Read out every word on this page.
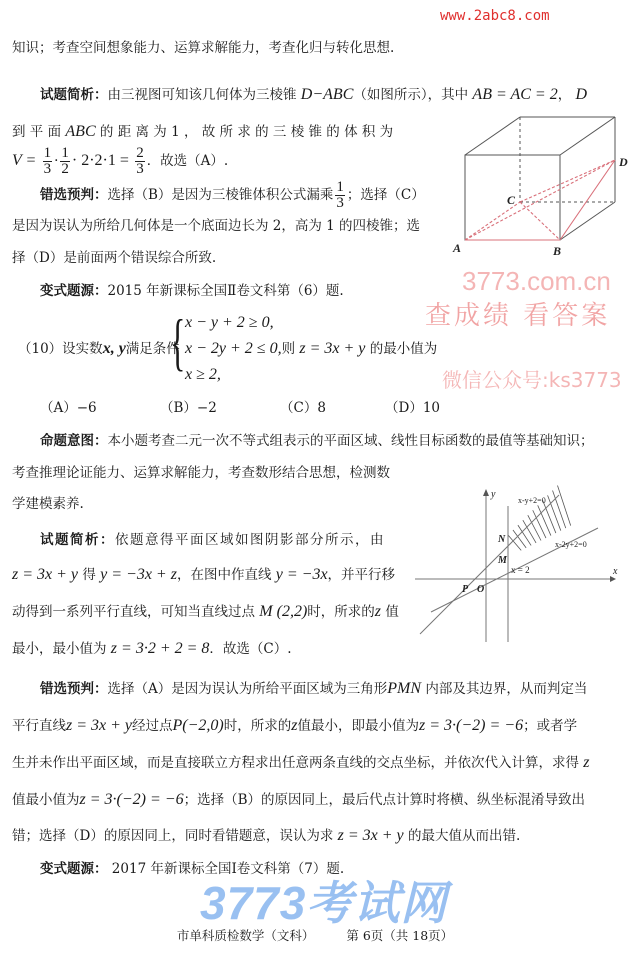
www.2abc8.com
知识；考查空间想象能力、运算求解能力，考查化归与转化思想.
试题简析：由三视图可知该几何体为三棱锥 D−ABC（如图所示），其中 AB = AC = 2， D
到 平 面 ABC 的 距 离 为 1 ， 故 所 求 的 三 棱 锥 的 体 积 为
$V = \frac{1}{3} \cdot \frac{1}{2} \cdot 2\cdot 2\cdot 1 = \frac{2}{3}$ ．故选（A）.
错选预判：选择（B）是因为三棱锥体积公式漏乘 $\frac{1}{3}$ ；选择（C）
是因为误认为所给几何体是一个底面边长为 2，高为 1 的四棱锥；选
择（D）是前面两个错误综合所致.
变式题源：2015 年新课标全国Ⅱ卷文科第（6）题.
A	B
C
D
（10）设实数x, y满足条件
{ x − y + 2 ≥ 0,
x − 2y + 2 ≤ 0,则 z = 3x + y 的最小值为
x ≥ 2,
（A）−6	（B）−2	（C）8	（D）10
命题意图：本小题考查二元一次不等式组表示的平面区域、线性目标函数的最值等基础知识；
考查推理论证能力、运算求解能力，考查数形结合思想，检测数
学建模素养.
试题简析：依题意得平面区域如图阴影部分所示，由
z = 3x + y 得 y = −3x + z，在图中作直线 y = −3x，并平行移
动得到一系列平行直线，可知当直线过点 M (2,2)时，所求的z 值
最小，最小值为 z = 3·2 + 2 = 8．故选（C）.
x
y
O
P
N
M
x = 2
x-y+2=0
x-2y+2=0
错选预判：选择（A）是因为误认为所给平面区域为三角形PMN 内部及其边界，从而判定当
平行直线z = 3x + y经过点P(−2,0)时，所求的z值最小，即最小值为z = 3·(−2) = −6；或者学
生并未作出平面区域，而是直接联立方程求出任意两条直线的交点坐标，并依次代入计算，求得 z
值最小值为z = 3·(−2) = −6；选择（B）的原因同上，最后代点计算时将横、纵坐标混淆导致出
错；选择（D）的原因同上，同时看错题意，误认为求 z = 3x + y 的最大值从而出错.
变式题源： 2017 年新课标全国Ⅰ卷文科第（7）题.
市单科质检数学（文科）	第 6页（共 18页）
3773考试网
3773.com.cn
查成绩 看答案
微信公众号:ks3773
